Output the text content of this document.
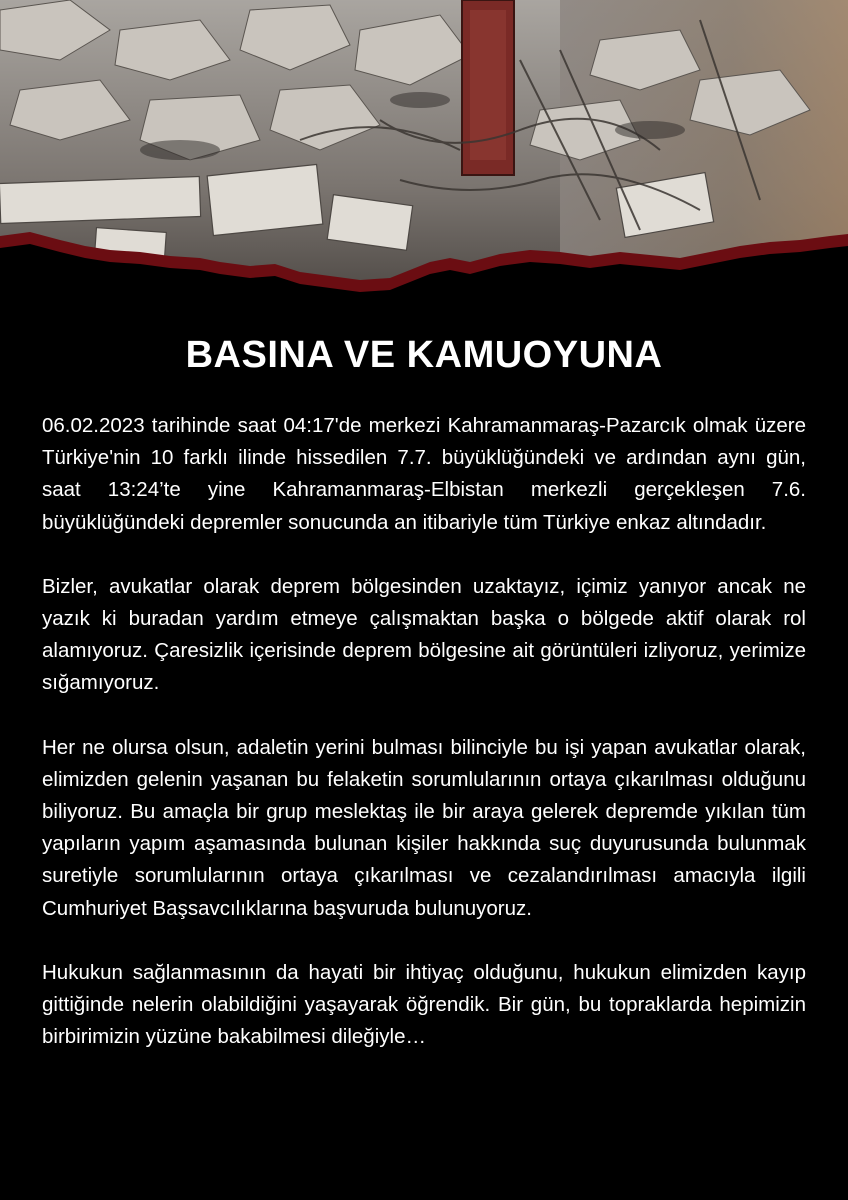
BASINA VE KAMUOYUNA

06.02.2023 tarihinde saat 04:17'de merkezi Kahramanmaraş-Pazarcık olmak üzere Türkiye'nin 10 farklı ilinde hissedilen 7.7. büyüklüğündeki ve ardından aynı gün, saat 13:24’te yine Kahramanmaraş-Elbistan merkezli gerçekleşen 7.6. büyüklüğündeki depremler sonucunda an itibariyle tüm Türkiye enkaz altındadır.

Bizler, avukatlar olarak deprem bölgesinden uzaktayız, içimiz yanıyor ancak ne yazık ki buradan yardım etmeye çalışmaktan başka o bölgede aktif olarak rol alamıyoruz. Çaresizlik içerisinde deprem bölgesine ait görüntüleri izliyoruz, yerimize sığamıyoruz.

Her ne olursa olsun, adaletin yerini bulması bilinciyle bu işi yapan avukatlar olarak, elimizden gelenin yaşanan bu felaketin sorumlularının ortaya çıkarılması olduğunu biliyoruz. Bu amaçla bir grup meslektaş ile bir araya gelerek depremde yıkılan tüm yapıların yapım aşamasında bulunan kişiler hakkında suç duyurusunda bulunmak suretiyle sorumlularının ortaya çıkarılması ve cezalandırılması amacıyla ilgili Cumhuriyet Başsavcılıklarına başvuruda bulunuyoruz.

Hukukun sağlanmasının da hayati bir ihtiyaç olduğunu, hukukun elimizden kayıp gittiğinde nelerin olabildiğini yaşayarak öğrendik. Bir gün, bu topraklarda hepimizin birbirimizin yüzüne bakabilmesi dileğiyle…
